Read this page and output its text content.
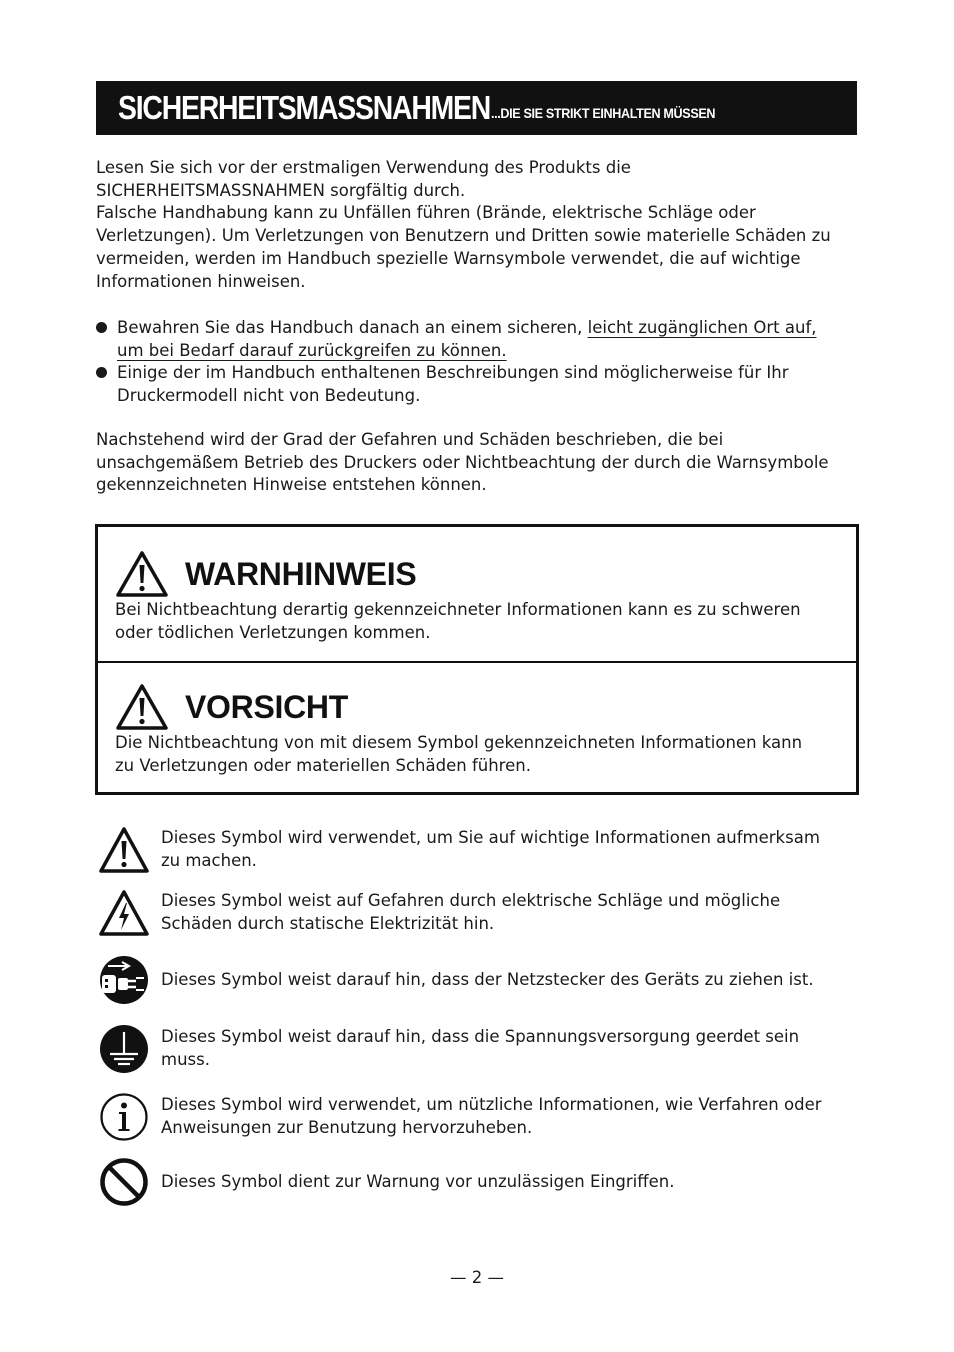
SICHERHEITSMASSNAHMEN ...DIE SIE STRIKT EINHALTEN MÜSSEN

Lesen Sie sich vor der erstmaligen Verwendung des Produkts die
SICHERHEITSMASSNAHMEN sorgfältig durch.
Falsche Handhabung kann zu Unfällen führen (Brände, elektrische Schläge oder
Verletzungen). Um Verletzungen von Benutzern und Dritten sowie materielle Schäden zu
vermeiden, werden im Handbuch spezielle Warnsymbole verwendet, die auf wichtige
Informationen hinweisen.

Bewahren Sie das Handbuch danach an einem sicheren, leicht zugänglichen Ort auf,
um bei Bedarf darauf zurückgreifen zu können.
Einige der im Handbuch enthaltenen Beschreibungen sind möglicherweise für Ihr
Druckermodell nicht von Bedeutung.

Nachstehend wird der Grad der Gefahren und Schäden beschrieben, die bei
unsachgemäßem Betrieb des Druckers oder Nichtbeachtung der durch die Warnsymbole
gekennzeichneten Hinweise entstehen können.

WARNHINWEIS

Bei Nichtbeachtung derartig gekennzeichneter Informationen kann es zu schweren
oder tödlichen Verletzungen kommen.

VORSICHT

Die Nichtbeachtung von mit diesem Symbol gekennzeichneten Informationen kann
zu Verletzungen oder materiellen Schäden führen.

Dieses Symbol wird verwendet, um Sie auf wichtige Informationen aufmerksam
zu machen.

Dieses Symbol weist auf Gefahren durch elektrische Schläge und mögliche
Schäden durch statische Elektrizität hin.

Dieses Symbol weist darauf hin, dass der Netzstecker des Geräts zu ziehen ist.

Dieses Symbol weist darauf hin, dass die Spannungsversorgung geerdet sein
muss.

Dieses Symbol wird verwendet, um nützliche Informationen, wie Verfahren oder
Anweisungen zur Benutzung hervorzuheben.

Dieses Symbol dient zur Warnung vor unzulässigen Eingriffen.

— 2 —
